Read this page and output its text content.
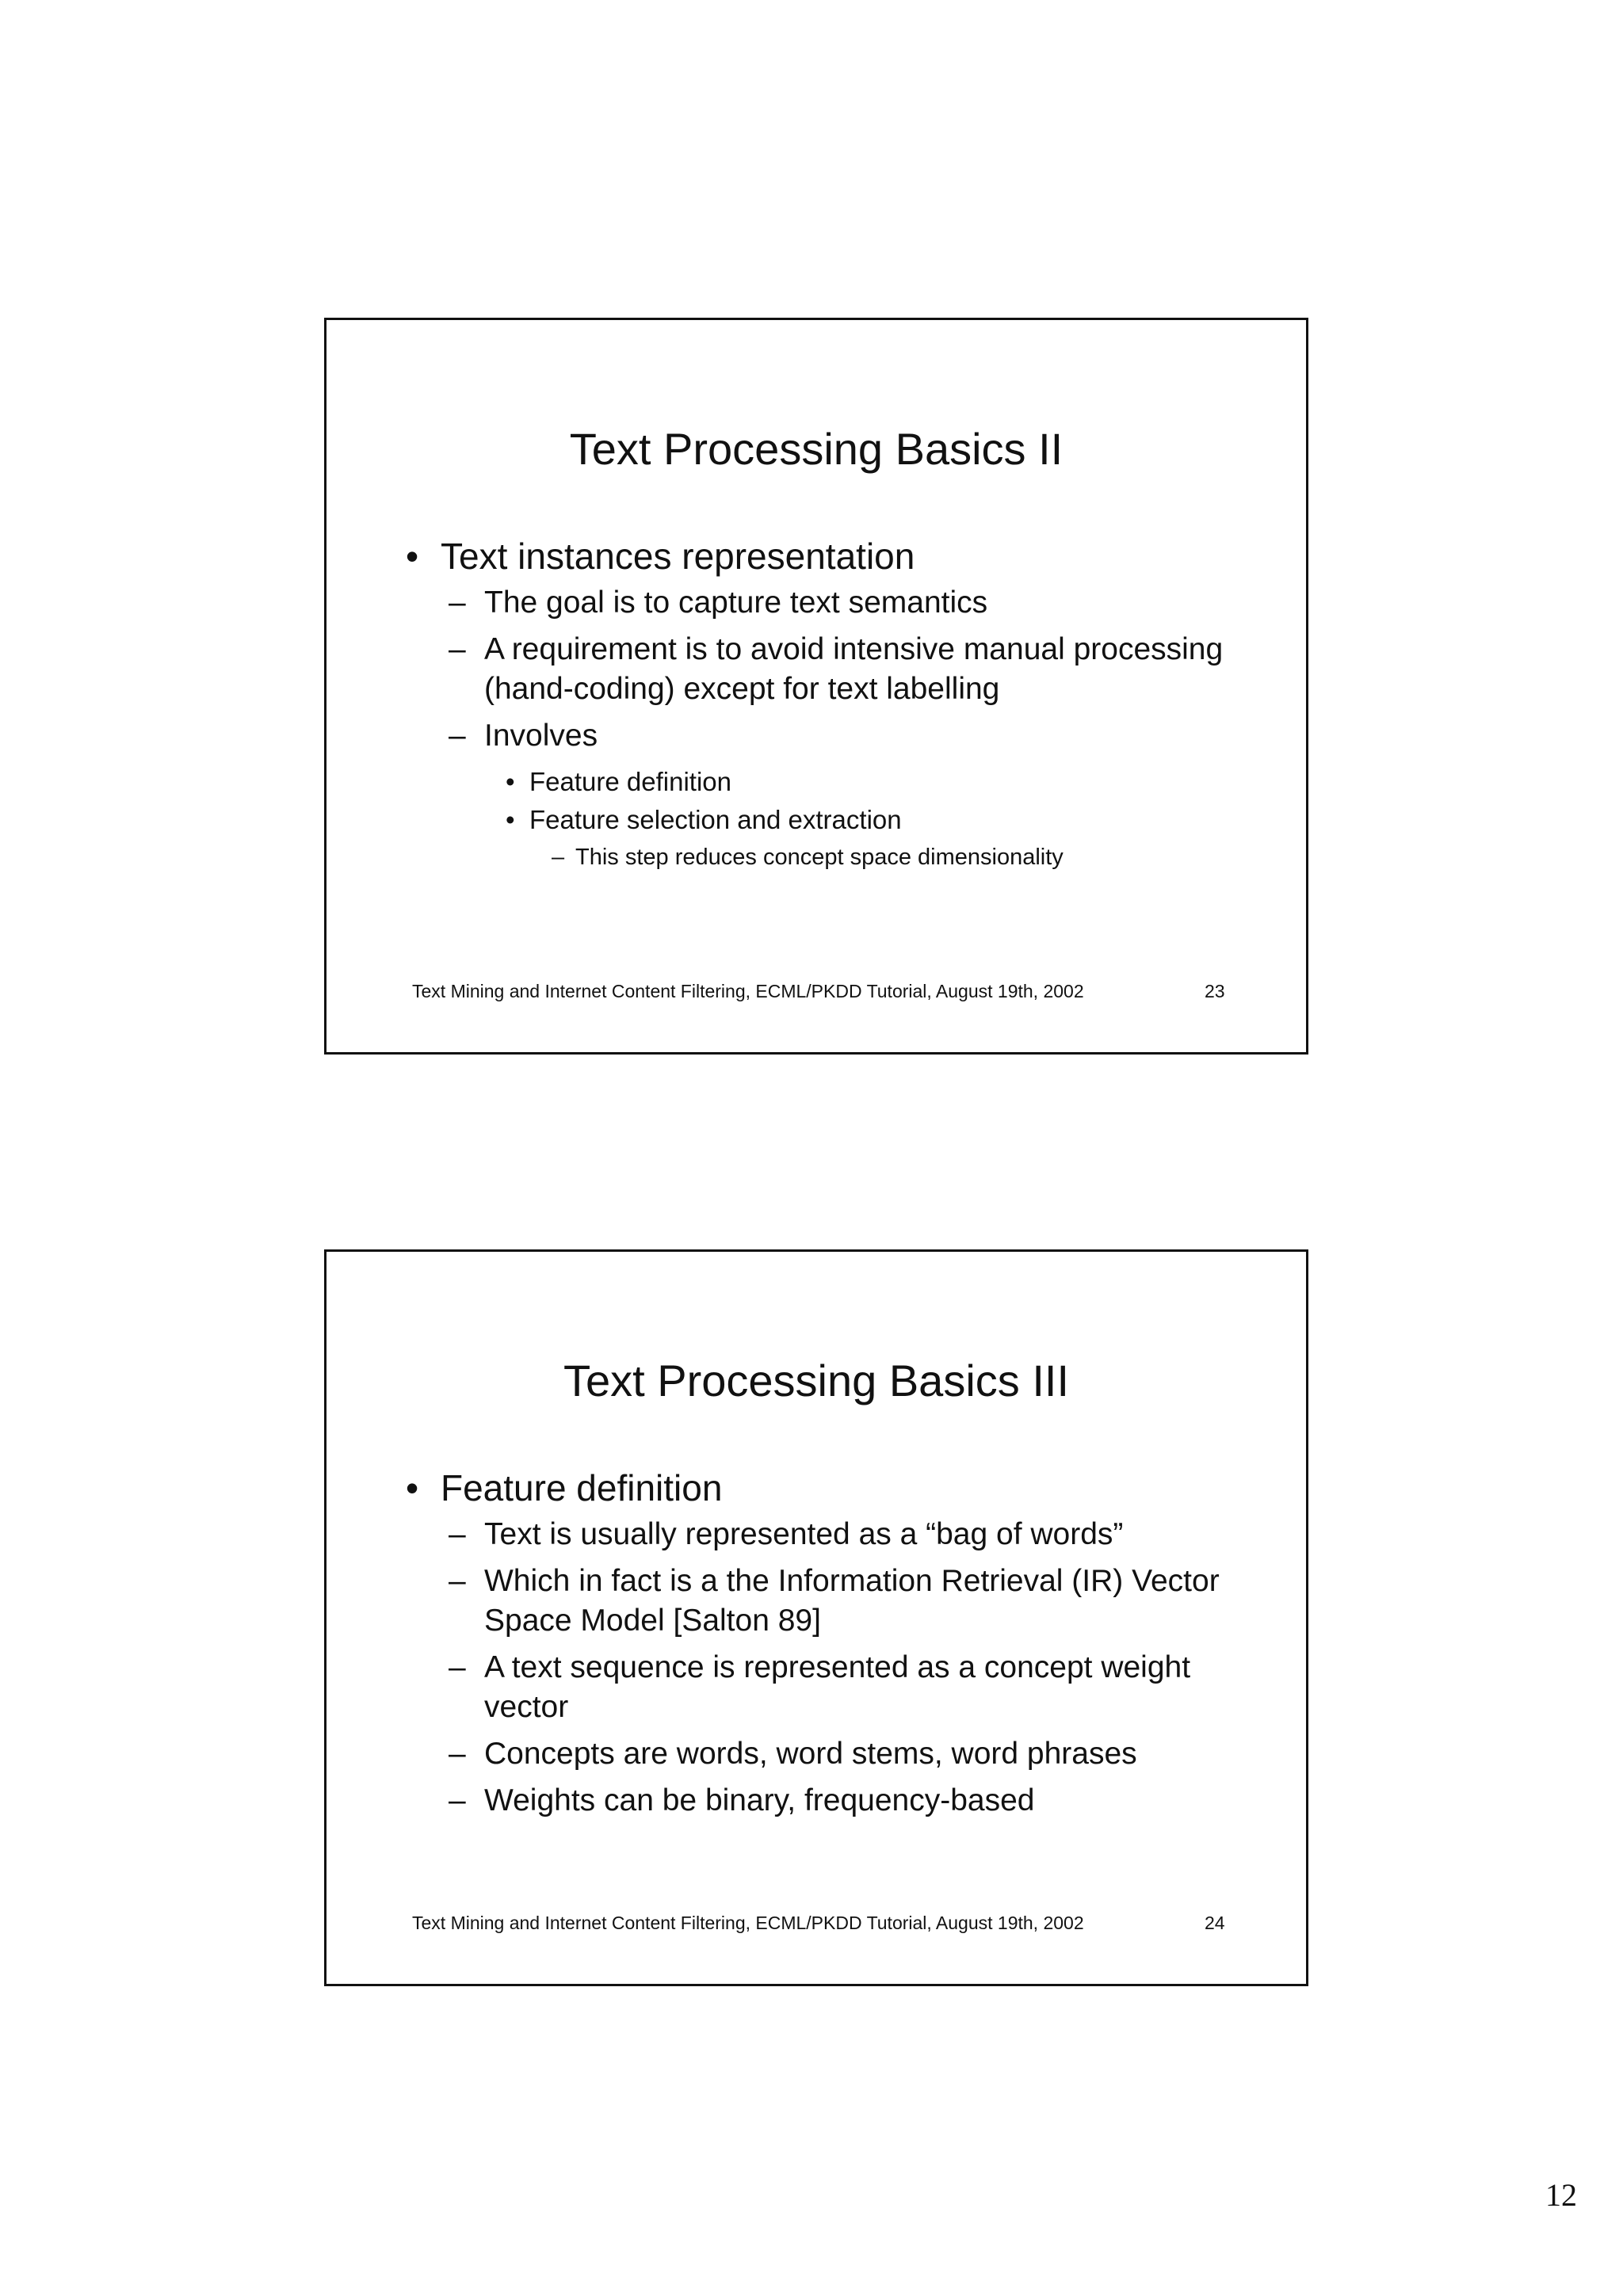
Text Processing Basics II
• Text instances representation
– The goal is to capture text semantics
– A requirement is to avoid intensive manual processing (hand-coding) except for text labelling
– Involves
• Feature definition
• Feature selection and extraction
– This step reduces concept space dimensionality

Text Mining and Internet Content Filtering, ECML/PKDD Tutorial, August 19th, 2002	23

Text Processing Basics III
• Feature definition
– Text is usually represented as a “bag of words”
– Which in fact is a the Information Retrieval (IR) Vector Space Model [Salton 89]
– A text sequence is represented as a concept weight vector
– Concepts are words, word stems, word phrases
– Weights can be binary, frequency-based

Text Mining and Internet Content Filtering, ECML/PKDD Tutorial, August 19th, 2002	24

12
